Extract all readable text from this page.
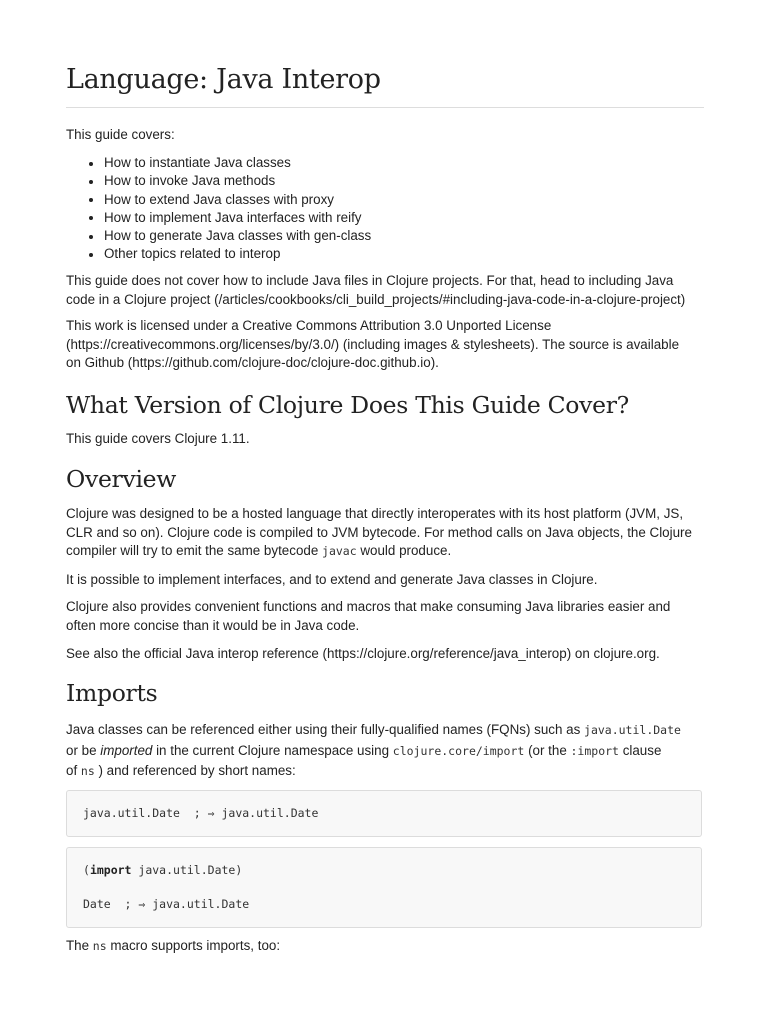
Language: Java Interop

This guide covers:

How to instantiate Java classes
How to invoke Java methods
How to extend Java classes with proxy
How to implement Java interfaces with reify
How to generate Java classes with gen-class
Other topics related to interop

This guide does not cover how to include Java files in Clojure projects. For that, head to including Java
code in a Clojure project (/articles/cookbooks/cli_build_projects/#including-java-code-in-a-clojure-project)

This work is licensed under a Creative Commons Attribution 3.0 Unported License
(https://creativecommons.org/licenses/by/3.0/) (including images & stylesheets). The source is available
on Github (https://github.com/clojure-doc/clojure-doc.github.io).

What Version of Clojure Does This Guide Cover?

This guide covers Clojure 1.11.

Overview

Clojure was designed to be a hosted language that directly interoperates with its host platform (JVM, JS,
CLR and so on). Clojure code is compiled to JVM bytecode. For method calls on Java objects, the Clojure
compiler will try to emit the same bytecode javac would produce.

It is possible to implement interfaces, and to extend and generate Java classes in Clojure.

Clojure also provides convenient functions and macros that make consuming Java libraries easier and
often more concise than it would be in Java code.

See also the official Java interop reference (https://clojure.org/reference/java_interop) on clojure.org.

Imports

Java classes can be referenced either using their fully-qualified names (FQNs) such as java.util.Date
or be imported in the current Clojure namespace using clojure.core/import (or the :import clause
of ns ) and referenced by short names:

java.util.Date  ; ⇒ java.util.Date
(import java.util.Date)
Date  ; ⇒ java.util.Date

The ns macro supports imports, too:
